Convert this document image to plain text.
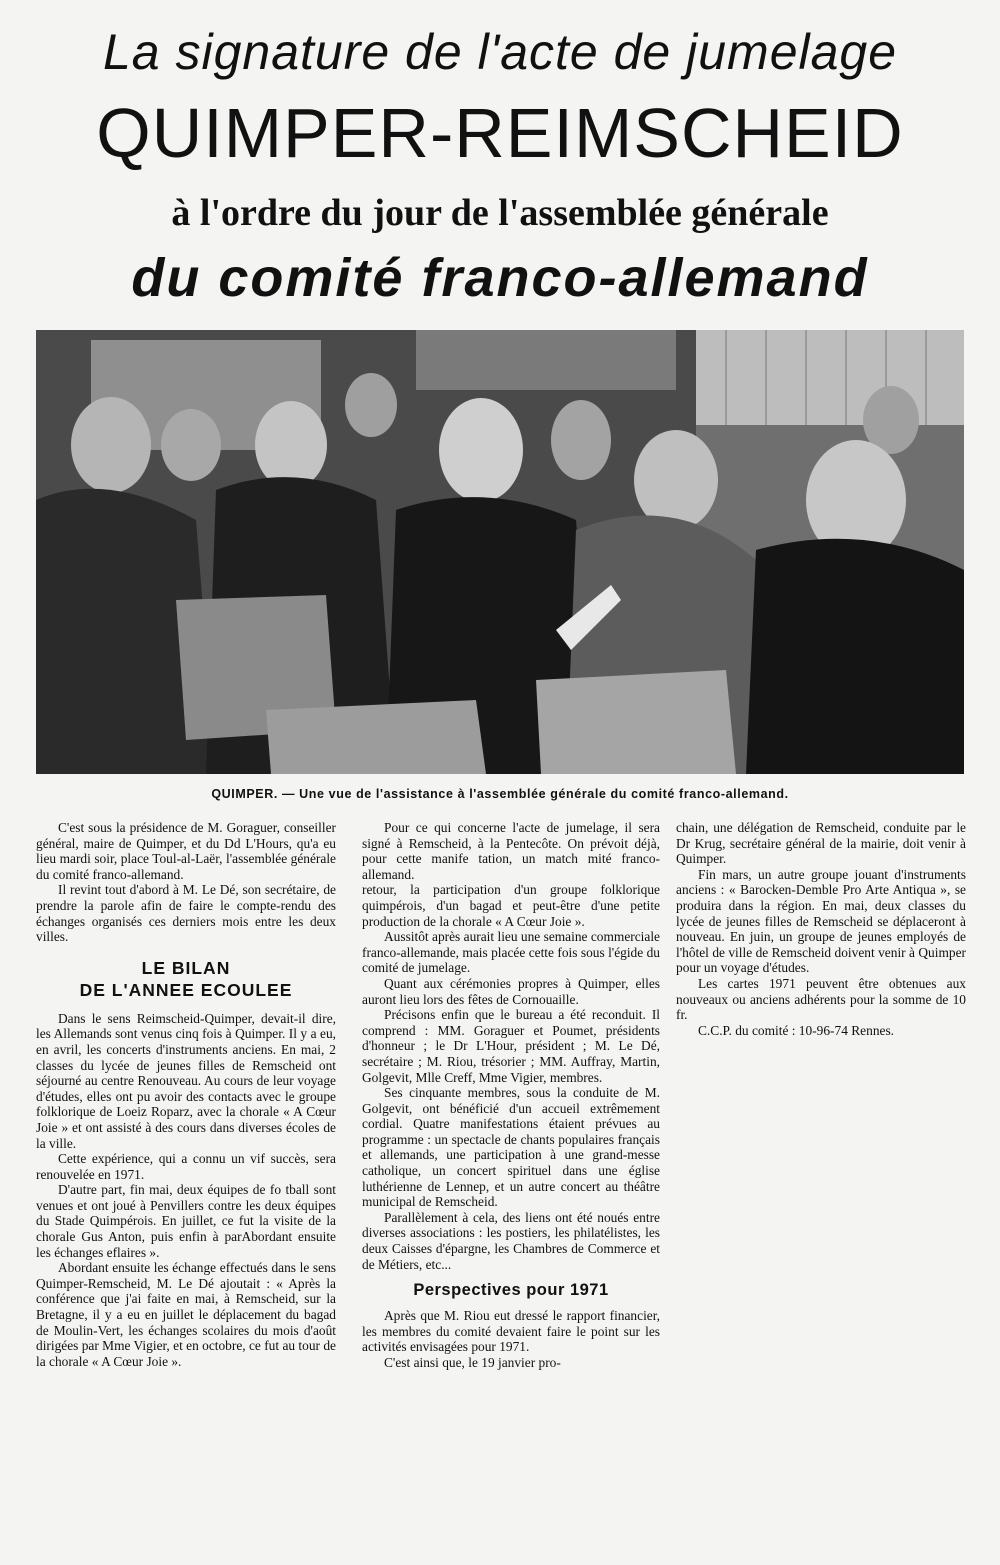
La signature de l'acte de jumelage
QUIMPER-REIMSCHEID
à l'ordre du jour de l'assemblée générale
du comité franco-allemand
QUIMPER. — Une vue de l'assistance à l'assemblée générale du comité franco-allemand.

C'est sous la présidence de M. Goraguer, conseiller général, maire de Quimper, et du Dd L'Hours, qu'a eu lieu mardi soir, place Toul-al-Laër, l'assemblée générale du comité franco-allemand.

Il revint tout d'abord à M. Le Dé, son secrétaire, de prendre la parole afin de faire le compte-rendu des échanges organisés ces derniers mois entre les deux villes.

LE BILAN
DE L'ANNEE ECOULEE

Dans le sens Reimscheid-Quimper, devait-il dire, les Allemands sont venus cinq fois à Quimper. Il y a eu, en avril, les concerts d'instruments anciens. En mai, 2 classes du lycée de jeunes filles de Remscheid ont séjourné au centre Renouveau. Au cours de leur voyage d'études, elles ont pu avoir des contacts avec le groupe folklorique de Loeiz Roparz, avec la chorale « A Cœur Joie » et ont assisté à des cours dans diverses écoles de la ville.

Cette expérience, qui a connu un vif succès, sera renouvelée en 1971.

D'autre part, fin mai, deux équipes de fo tball sont venues et ont joué à Penvillers contre les deux équipes du Stade Quimpérois. En juillet, ce fut la visite de la chorale Gus Anton, puis enfin à parAbordant ensuite les échanges eflaires ».

Abordant ensuite les échange effectués dans le sens Quimper-Remscheid, M. Le Dé ajoutait : « Après la conférence que j'ai faite en mai, à Remscheid, sur la Bretagne, il y a eu en juillet le déplacement du bagad de Moulin-Vert, les échanges scolaires du mois d'août dirigées par Mme Vigier, et en octobre, ce fut au tour de la chorale « A Cœur Joie ».

Pour ce qui concerne l'acte de jumelage, il sera signé à Remscheid, à la Pentecôte. On prévoit déjà, pour cette manife tation, un match mité franco-allemand.

retour, la participation d'un groupe folklorique quimpérois, d'un bagad et peut-être d'une petite production de la chorale « A Cœur Joie ».

Aussitôt après aurait lieu une semaine commerciale franco-allemande, mais placée cette fois sous l'égide du comité de jumelage.

Quant aux cérémonies propres à Quimper, elles auront lieu lors des fêtes de Cornouaille.

Précisons enfin que le bureau a été reconduit. Il comprend : MM. Goraguer et Poumet, présidents d'honneur ; le Dr L'Hour, président ; M. Le Dé, secrétaire ; M. Riou, trésorier ; MM. Auffray, Martin, Golgevit, Mlle Creff, Mme Vigier, membres.

Ses cinquante membres, sous la conduite de M. Golgevit, ont bénéficié d'un accueil extrêmement cordial. Quatre manifestations étaient prévues au programme : un spectacle de chants populaires français et allemands, une participation à une grand-messe catholique, un concert spirituel dans une église luthérienne de Lennep, et un autre concert au théâtre municipal de Remscheid.

Parallèlement à cela, des liens ont été noués entre diverses associations : les postiers, les philatélistes, les deux Caisses d'épargne, les Chambres de Commerce et de Métiers, etc...

Perspectives pour 1971

Après que M. Riou eut dressé le rapport financier, les membres du comité devaient faire le point sur les activités envisagées pour 1971.

C'est ainsi que, le 19 janvier pro-

chain, une délégation de Remscheid, conduite par le Dr Krug, secrétaire général de la mairie, doit venir à Quimper.

Fin mars, un autre groupe jouant d'instruments anciens : « Barocken-Demble Pro Arte Antiqua », se produira dans la région. En mai, deux classes du lycée de jeunes filles de Remscheid se déplaceront à nouveau. En juin, un groupe de jeunes employés de l'hôtel de ville de Remscheid doivent venir à Quimper pour un voyage d'études.

Les cartes 1971 peuvent être obtenues aux nouveaux ou anciens adhérents pour la somme de 10 fr.

C.C.P. du comité : 10-96-74 Rennes.
